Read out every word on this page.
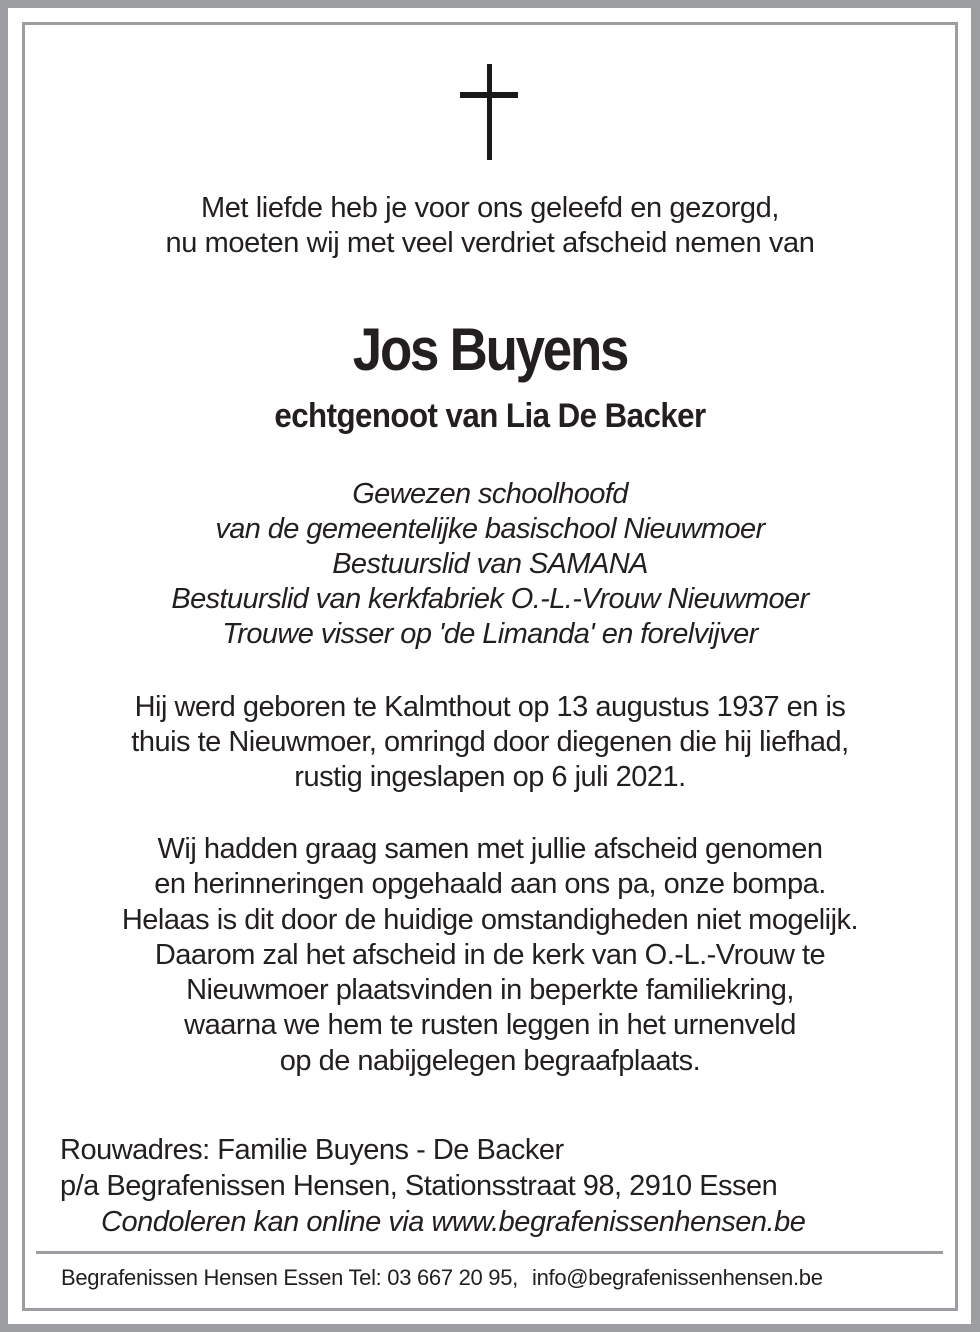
Met liefde heb je voor ons geleefd en gezorgd,
nu moeten wij met veel verdriet afscheid nemen van
Jos Buyens
echtgenoot van Lia De Backer
Gewezen schoolhoofd
van de gemeentelijke basischool Nieuwmoer
Bestuurslid van SAMANA
Bestuurslid van kerkfabriek O.-L.-Vrouw Nieuwmoer
Trouwe visser op 'de Limanda' en forelvijver
Hij werd geboren te Kalmthout op 13 augustus 1937 en is
thuis te Nieuwmoer, omringd door diegenen die hij liefhad,
rustig ingeslapen op 6 juli 2021.
Wij hadden graag samen met jullie afscheid genomen
en herinneringen opgehaald aan ons pa, onze bompa.
Helaas is dit door de huidige omstandigheden niet mogelijk.
Daarom zal het afscheid in de kerk van O.-L.-Vrouw te
Nieuwmoer plaatsvinden in beperkte familiekring,
waarna we hem te rusten leggen in het urnenveld
op de nabijgelegen begraafplaats.
Rouwadres: Familie Buyens - De Backer
p/a Begrafenissen Hensen, Stationsstraat 98, 2910 Essen
Condoleren kan online via www.begrafenissenhensen.be
Begrafenissen Hensen Essen Tel: 03 667 20 95, info@begrafenissenhensen.be
